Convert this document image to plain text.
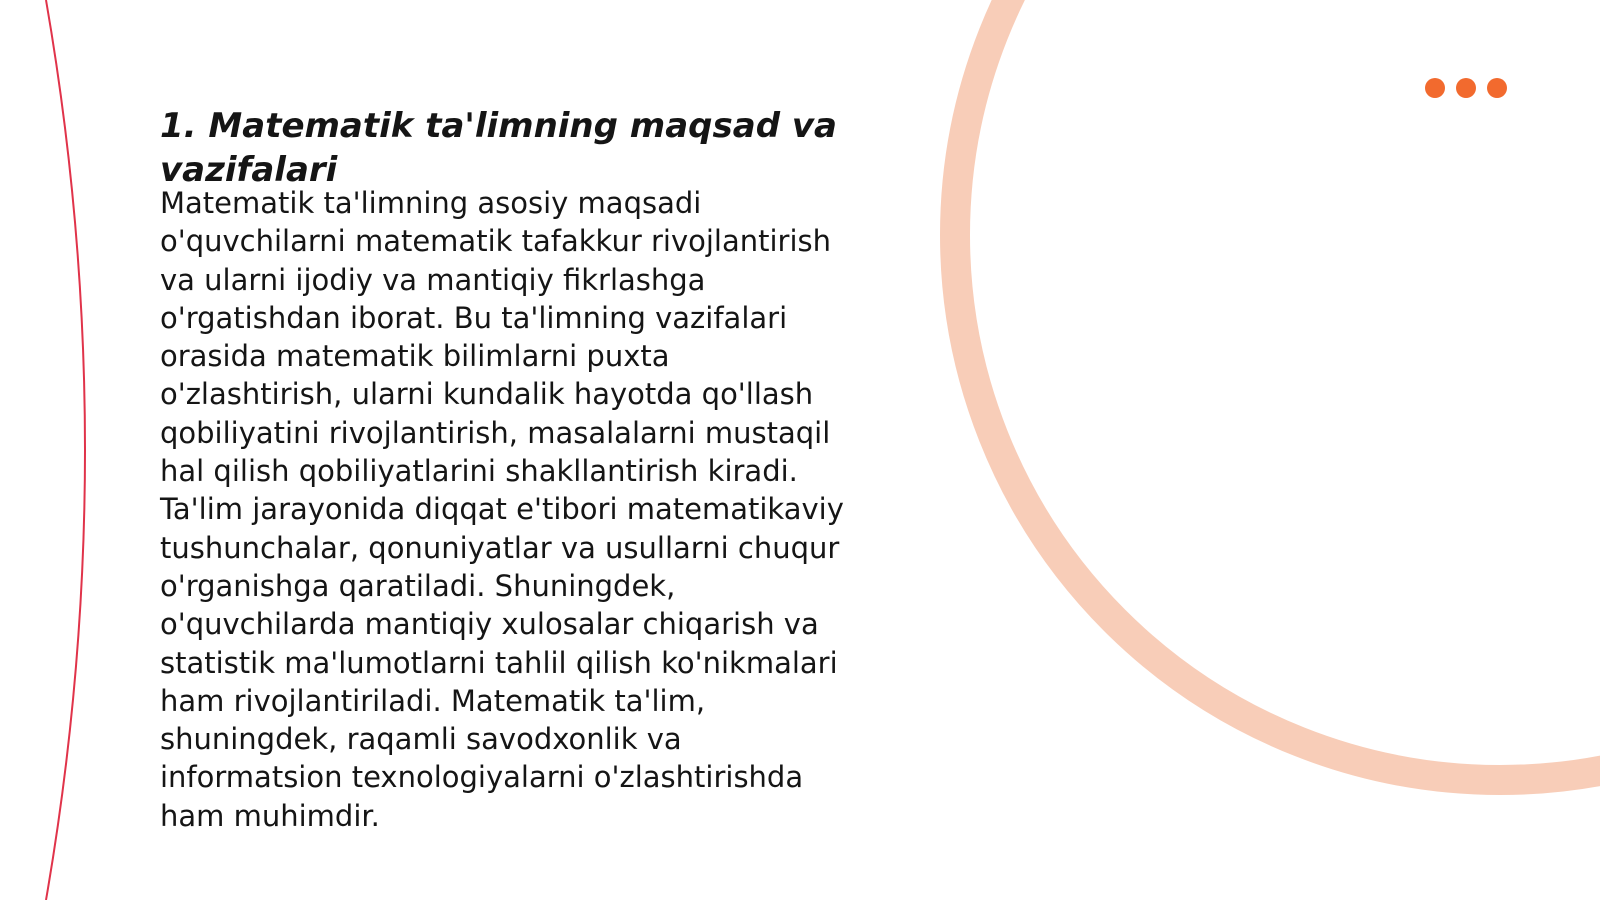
1. Matematik ta'limning maqsad va vazifalari

Matematik ta'limning asosiy maqsadi o'quvchilarni matematik tafakkur rivojlantirish va ularni ijodiy va mantiqiy fikrlashga o'rgatishdan iborat. Bu ta'limning vazifalari orasida matematik bilimlarni puxta o'zlashtirish, ularni kundalik hayotda qo'llash qobiliyatini rivojlantirish, masalalarni mustaqil hal qilish qobiliyatlarini shakllantirish kiradi. Ta'lim jarayonida diqqat e'tibori matematikaviy tushunchalar, qonuniyatlar va usullarni chuqur o'rganishga qaratiladi. Shuningdek, o'quvchilarda mantiqiy xulosalar chiqarish va statistik ma'lumotlarni tahlil qilish ko'nikmalari ham rivojlantiriladi. Matematik ta'lim, shuningdek, raqamli savodxonlik va informatsion texnologiyalarni o'zlashtirishda ham muhimdir.
